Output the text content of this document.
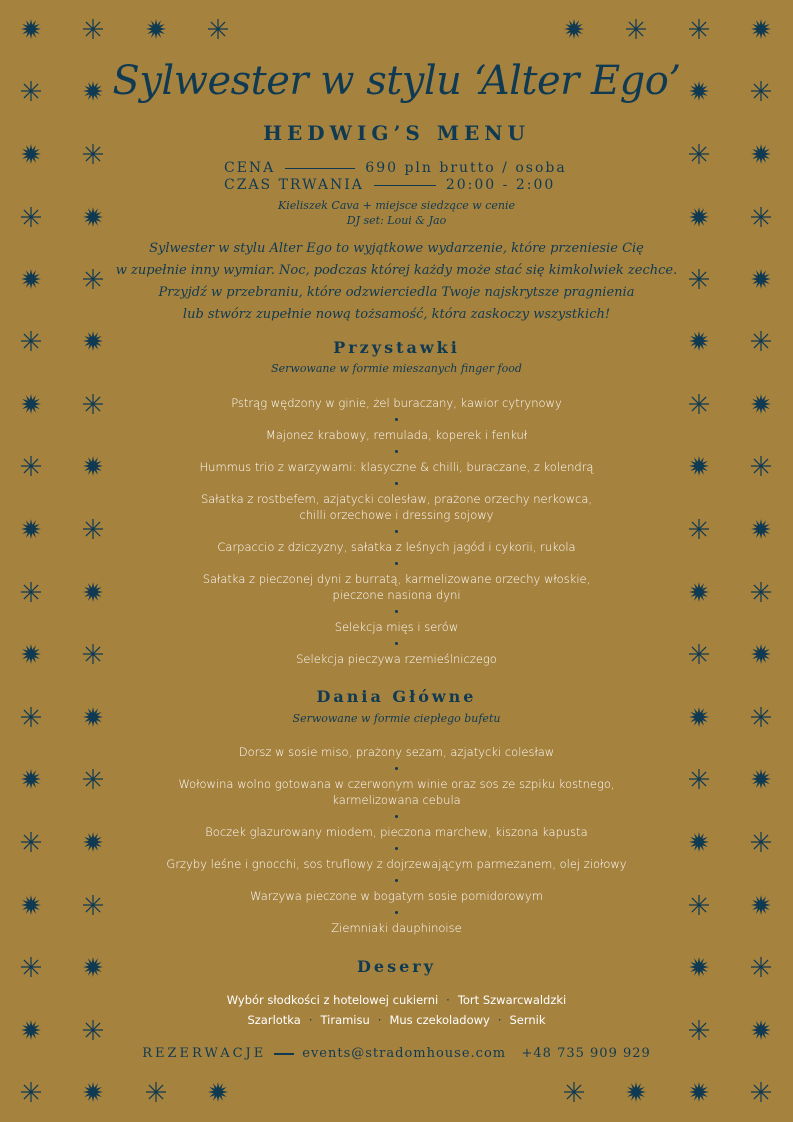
Sylwester w stylu ‘Alter Ego’
HEDWIG’S MENU
CENA	690 pln brutto / osoba
CZAS TRWANIA	20:00 - 2:00
Kieliszek Cava + miejsce siedzące w cenie
DJ set: Loui & Jao
Sylwester w stylu Alter Ego to wyjątkowe wydarzenie, które przeniesie Cię
w zupełnie inny wymiar. Noc, podczas której każdy może stać się kimkolwiek zechce.
Przyjdź w przebraniu, które odzwierciedla Twoje najskrytsze pragnienia
lub stwórz zupełnie nową tożsamość, która zaskoczy wszystkich!
Przystawki
Serwowane w formie mieszanych finger food
Pstrąg wędzony w ginie, żel buraczany, kawior cytrynowy
Majonez krabowy, remulada, koperek i fenkuł
Hummus trio z warzywami: klasyczne & chilli, buraczane, z kolendrą
Sałatka z rostbefem, azjatycki colesław, prażone orzechy nerkowca,
chilli orzechowe i dressing sojowy
Carpaccio z dziczyzny, sałatka z leśnych jagód i cykorii, rukola
Sałatka z pieczonej dyni z burratą, karmelizowane orzechy włoskie,
pieczone nasiona dyni
Selekcja mięs i serów
Selekcja pieczywa rzemieślniczego
Dania Główne
Serwowane w formie ciepłego bufetu
Dorsz w sosie miso, prażony sezam, azjatycki colesław
Wołowina wolno gotowana w czerwonym winie oraz sos ze szpiku kostnego,
karmelizowana cebula
Boczek glazurowany miodem, pieczona marchew, kiszona kapusta
Grzyby leśne i gnocchi, sos truflowy z dojrzewającym parmezanem, olej ziołowy
Warzywa pieczone w bogatym sosie pomidorowym
Ziemniaki dauphinoise
Desery
Wybór słodkości z hotelowej cukierni · Tort Szwarcwaldzki
Szarlotka · Tiramisu · Mus czekoladowy · Sernik
REZERWACJE	events@stradomhouse.com +48 735 909 929
